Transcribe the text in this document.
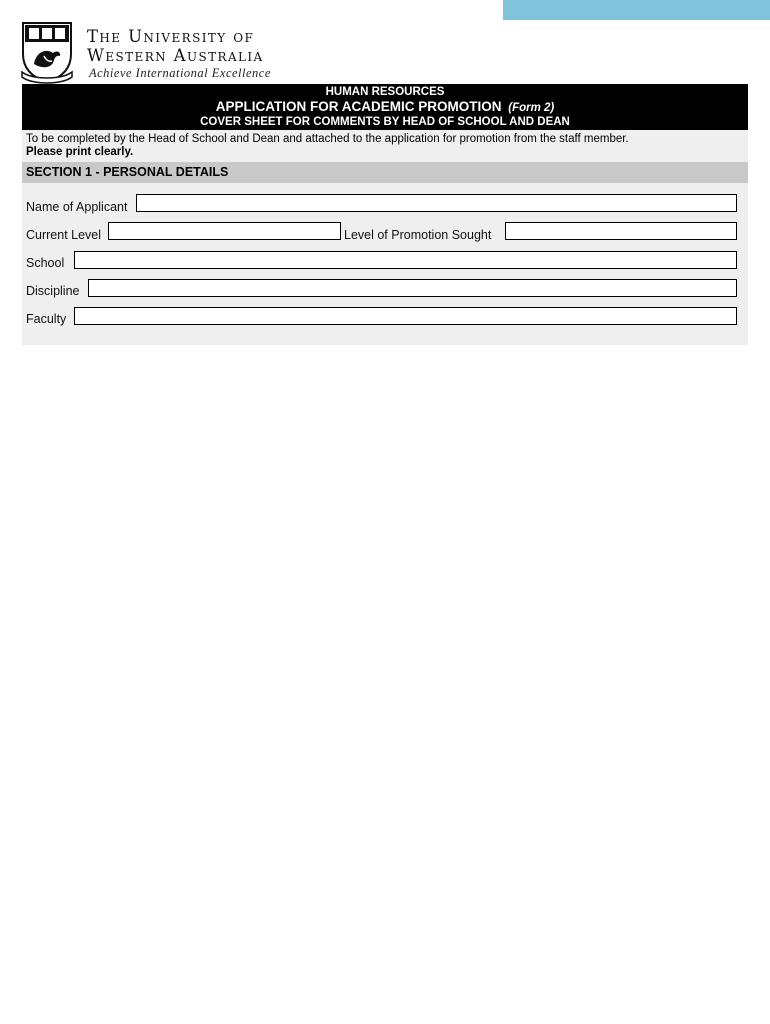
The University of
Western Australia
Achieve International Excellence
HUMAN RESOURCES
APPLICATION FOR ACADEMIC PROMOTION (Form 2)
COVER SHEET FOR COMMENTS BY HEAD OF SCHOOL AND DEAN
To be completed by the Head of School and Dean and attached to the application for promotion from the staff member.
Please print clearly.
SECTION 1 - PERSONAL DETAILS
Name of Applicant
Current Level	Level of Promotion Sought
School
Discipline
Faculty
